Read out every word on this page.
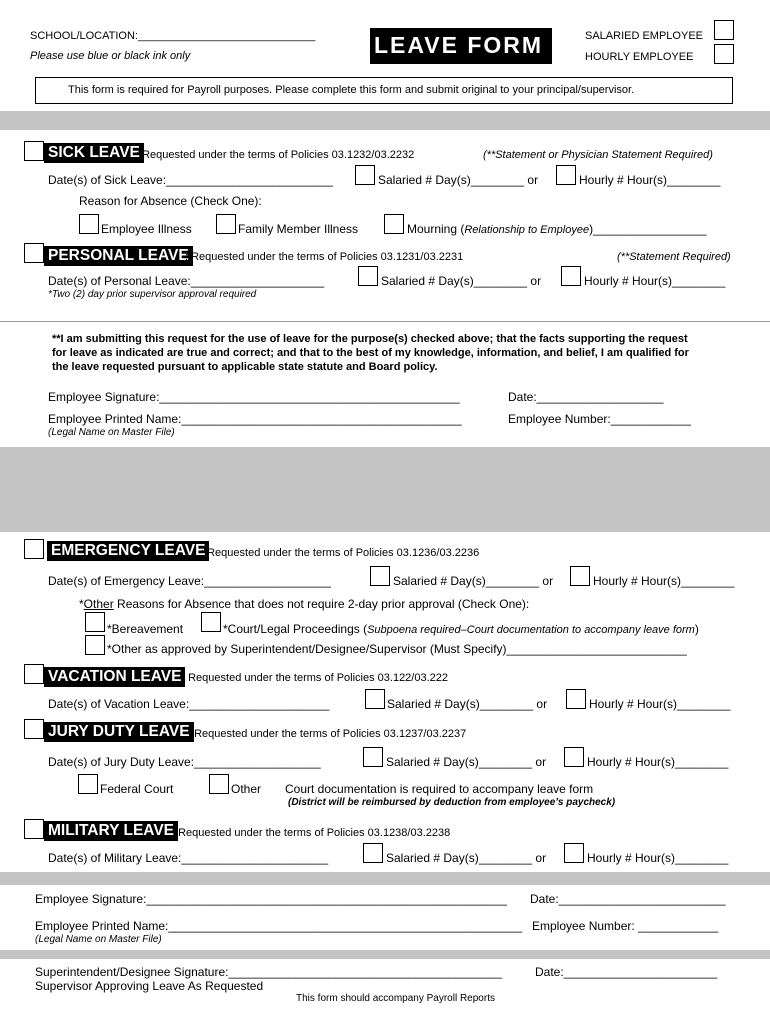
SCHOOL/LOCATION:_____________________________
Please use blue or black ink only	LEAVE FORM	SALARIED EMPLOYEE
HOURLY EMPLOYEE
This form is required for Payroll purposes. Please complete this form and submit original to your principal/supervisor.
SICK LEAVE
: Requested under the terms of Policies 03.1232/03.2232	(**Statement or Physician Statement Required)
Date(s) of Sick Leave:_________________________	Salaried # Day(s)________ or	Hourly # Hour(s)________
Reason for Absence (Check One):
Employee Illness	Family Member Illness	Mourning (Relationship to Employee)_________________
PERSONAL LEAVE
: Requested under the terms of Policies 03.1231/03.2231	(**Statement Required)
Date(s) of Personal Leave:____________________	Salaried # Day(s)________ or	Hourly # Hour(s)________
*Two (2) day prior supervisor approval required
**I am submitting this request for the use of leave for the purpose(s) checked above; that the facts supporting the request
for leave as indicated are true and correct; and that to the best of my knowledge, information, and belief, I am qualified for
the leave requested pursuant to applicable state statute and Board policy.
Employee Signature:_____________________________________________	Date:___________________
Employee Printed Name:__________________________________________	Employee Number:____________
(Legal Name on Master File)
EMERGENCY LEAVE
: Requested under the terms of Policies 03.1236/03.2236
Date(s) of Emergency Leave:___________________	Salaried # Day(s)________ or	Hourly # Hour(s)________
*Other Reasons for Absence that does not require 2-day prior approval (Check One):
*Bereavement	*Court/Legal Proceedings (Subpoena required–Court documentation to accompany leave form)
*Other as approved by Superintendent/Designee/Supervisor (Must Specify)___________________________
VACATION LEAVE : Requested under the terms of Policies 03.122/03.222
Date(s) of Vacation Leave:_____________________	Salaried # Day(s)________ or	Hourly # Hour(s)________
JURY DUTY LEAVE
: Requested under the terms of Policies 03.1237/03.2237
Date(s) of Jury Duty Leave:___________________	Salaried # Day(s)________ or	Hourly # Hour(s)________
Federal Court	Other Court documentation is required to accompany leave form
(District will be reimbursed by deduction from employee’s paycheck)
MILITARY LEAVE
: Requested under the terms of Policies 03.1238/03.2238
Date(s) of Military Leave:______________________	Salaried # Day(s)________ or	Hourly # Hour(s)________
Employee Signature:______________________________________________________ Date:_________________________
Employee Printed Name:_____________________________________________________ Employee Number: ____________
(Legal Name on Master File)
Superintendent/Designee Signature:_________________________________________	Date:_______________________
Supervisor Approving Leave As Requested
This form should accompany Payroll Reports
